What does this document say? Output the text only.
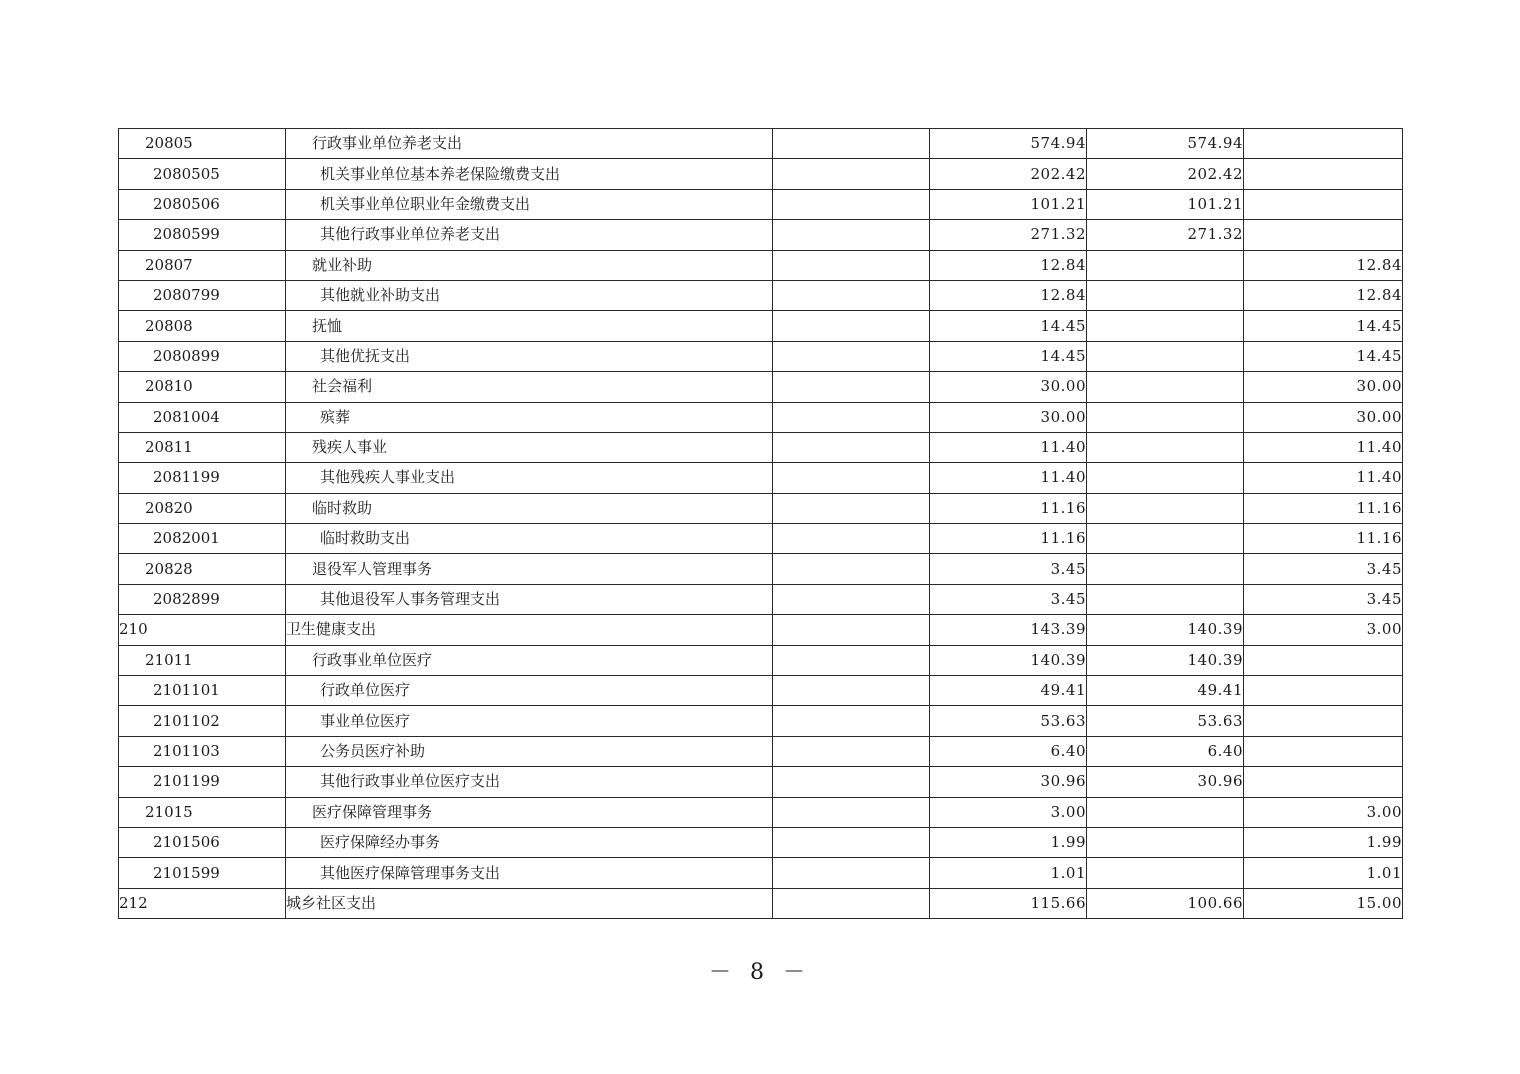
20805	行政事业单位养老支出		574.94	574.94	
2080505	机关事业单位基本养老保险缴费支出		202.42	202.42	
2080506	机关事业单位职业年金缴费支出		101.21	101.21	
2080599	其他行政事业单位养老支出		271.32	271.32	
20807	就业补助		12.84		12.84
2080799	其他就业补助支出		12.84		12.84
20808	抚恤		14.45		14.45
2080899	其他优抚支出		14.45		14.45
20810	社会福利		30.00		30.00
2081004	殡葬		30.00		30.00
20811	残疾人事业		11.40		11.40
2081199	其他残疾人事业支出		11.40		11.40
20820	临时救助		11.16		11.16
2082001	临时救助支出		11.16		11.16
20828	退役军人管理事务		3.45		3.45
2082899	其他退役军人事务管理支出		3.45		3.45
210	卫生健康支出		143.39	140.39	3.00
21011	行政事业单位医疗		140.39	140.39	
2101101	行政单位医疗		49.41	49.41	
2101102	事业单位医疗		53.63	53.63	
2101103	公务员医疗补助		6.40	6.40	
2101199	其他行政事业单位医疗支出		30.96	30.96	
21015	医疗保障管理事务		3.00		3.00
2101506	医疗保障经办事务		1.99		1.99
2101599	其他医疗保障管理事务支出		1.01		1.01
212	城乡社区支出		115.66	100.66	15.00
－ 8 －
